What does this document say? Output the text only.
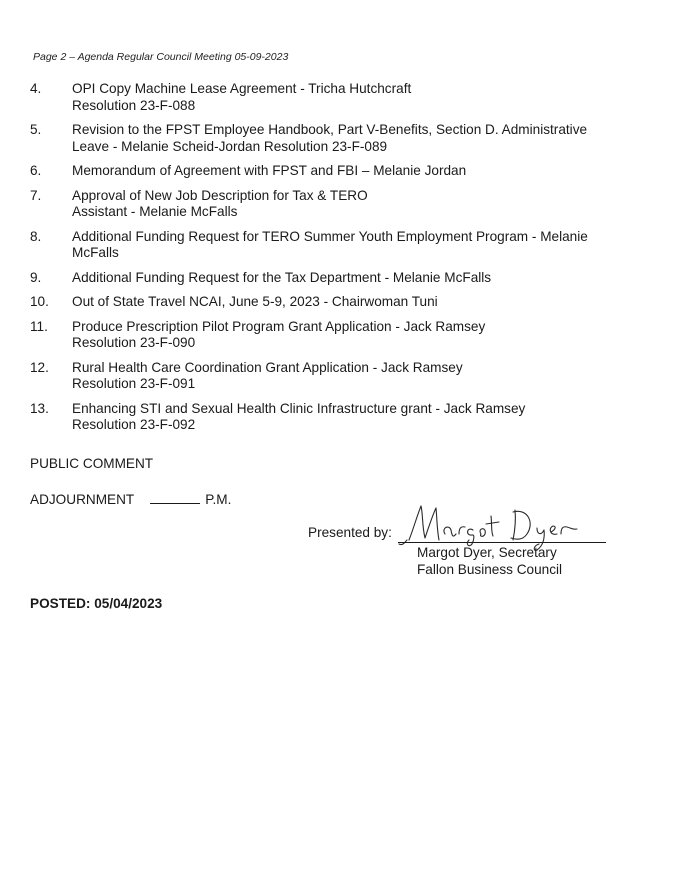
Page 2 – Agenda Regular Council Meeting 05-09-2023
4.	OPI Copy Machine Lease Agreement - Tricha Hutchcraft
Resolution 23-F-088
5.	Revision to the FPST Employee Handbook, Part V-Benefits, Section D. Administrative
Leave - Melanie Scheid-Jordan Resolution 23-F-089
6.	Memorandum of Agreement with FPST and FBI – Melanie Jordan
7.	Approval of New Job Description for Tax & TERO
Assistant - Melanie McFalls
8.	Additional Funding Request for TERO Summer Youth Employment Program - Melanie
McFalls
9.	Additional Funding Request for the Tax Department - Melanie McFalls
10.	Out of State Travel NCAI, June 5-9, 2023 - Chairwoman Tuni
11.	Produce Prescription Pilot Program Grant Application - Jack Ramsey
Resolution 23-F-090
12.	Rural Health Care Coordination Grant Application - Jack Ramsey
Resolution 23-F-091
13.	Enhancing STI and Sexual Health Clinic Infrastructure grant - Jack Ramsey
Resolution 23-F-092
PUBLIC COMMENT
ADJOURNMENT	P.M.
Presented by:
Margot Dyer, Secretary
Fallon Business Council
POSTED: 05/04/2023
